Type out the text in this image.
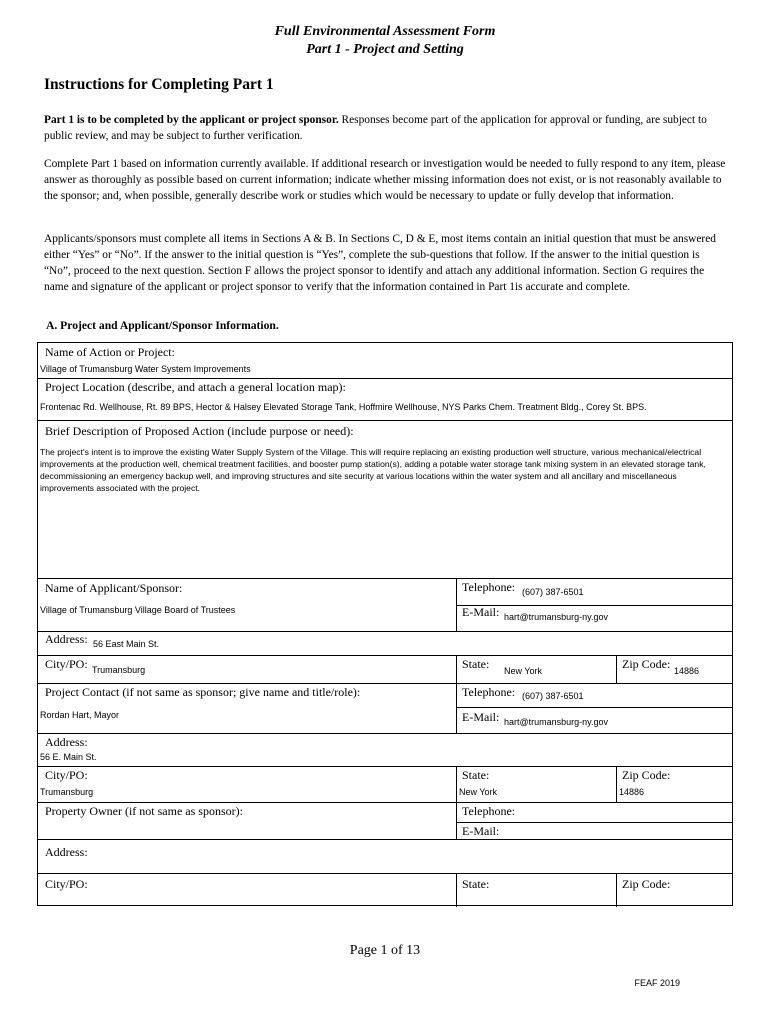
Full Environmental Assessment Form
Part 1 - Project and Setting
Instructions for Completing Part 1
Part 1 is to be completed by the applicant or project sponsor. Responses become part of the application for approval or funding, are subject to public review, and may be subject to further verification.
Complete Part 1 based on information currently available. If additional research or investigation would be needed to fully respond to any item, please answer as thoroughly as possible based on current information; indicate whether missing information does not exist, or is not reasonably available to the sponsor; and, when possible, generally describe work or studies which would be necessary to update or fully develop that information.
Applicants/sponsors must complete all items in Sections A & B. In Sections C, D & E, most items contain an initial question that must be answered either “Yes” or “No”. If the answer to the initial question is “Yes”, complete the sub-questions that follow. If the answer to the initial question is “No”, proceed to the next question. Section F allows the project sponsor to identify and attach any additional information. Section G requires the name and signature of the applicant or project sponsor to verify that the information contained in Part 1is accurate and complete.
A. Project and Applicant/Sponsor Information.
Name of Action or Project:
Village of Trumansburg Water System Improvements
Project Location (describe, and attach a general location map):
Frontenac Rd. Wellhouse, Rt. 89 BPS, Hector & Halsey Elevated Storage Tank, Hoffmire Wellhouse, NYS Parks Chem. Treatment Bldg., Corey St. BPS.
Brief Description of Proposed Action (include purpose or need):
The project's intent is to improve the existing Water Supply System of the Village. This will require replacing an existing production well structure, various mechanical/electrical improvements at the production well, chemical treatment facilities, and booster pump station(s), adding a potable water storage tank mixing system in an elevated storage tank, decommissioning an emergency backup well, and improving structures and site security at various locations within the water system and all ancillary and miscellaneous improvements associated with the project.
Name of Applicant/Sponsor:
Village of Trumansburg Village Board of Trustees
Telephone: (607) 387-6501
E-Mail: hart@trumansburg-ny.gov
Address: 56 East Main St.
City/PO: Trumansburg	State: New York	Zip Code: 14886
Project Contact (if not same as sponsor; give name and title/role):
Rordan Hart, Mayor
Telephone: (607) 387-6501
E-Mail: hart@trumansburg-ny.gov
Address:
56 E. Main St.
City/PO:
Trumansburg
State:
New York
Zip Code:
14886
Property Owner (if not same as sponsor):	Telephone:
E-Mail:
Address:
City/PO:	State:	Zip Code:
Page 1 of 13
FEAF 2019
